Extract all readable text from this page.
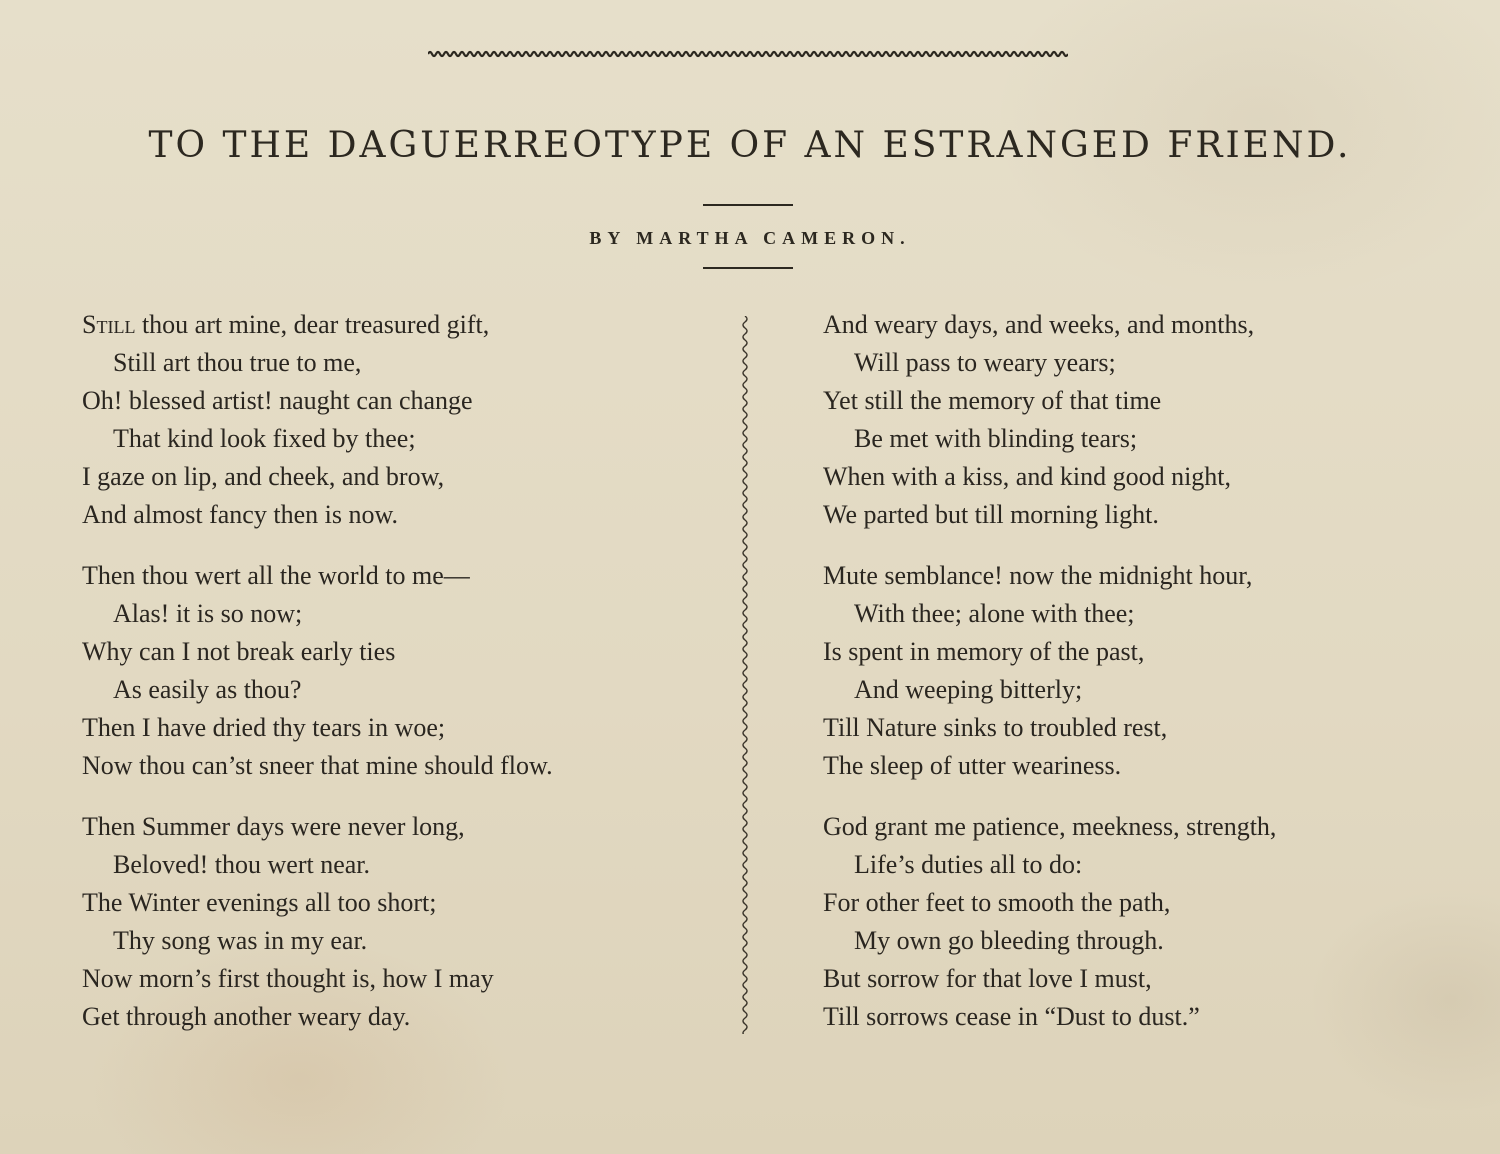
TO THE DAGUERREOTYPE OF AN ESTRANGED FRIEND.
BY MARTHA CAMERON.
Still thou art mine, dear treasured gift,
Still art thou true to me,
Oh! blessed artist! naught can change
That kind look fixed by thee;
I gaze on lip, and cheek, and brow,
And almost fancy then is now.
Then thou wert all the world to me—
Alas! it is so now;
Why can I not break early ties
As easily as thou?
Then I have dried thy tears in woe;
Now thou can’st sneer that mine should flow.
Then Summer days were never long,
Beloved! thou wert near.
The Winter evenings all too short;
Thy song was in my ear.
Now morn’s first thought is, how I may
Get through another weary day.
And weary days, and weeks, and months,
Will pass to weary years;
Yet still the memory of that time
Be met with blinding tears;
When with a kiss, and kind good night,
We parted but till morning light.
Mute semblance! now the midnight hour,
With thee; alone with thee;
Is spent in memory of the past,
And weeping bitterly;
Till Nature sinks to troubled rest,
The sleep of utter weariness.
God grant me patience, meekness, strength,
Life’s duties all to do:
For other feet to smooth the path,
My own go bleeding through.
But sorrow for that love I must,
Till sorrows cease in “Dust to dust.”
